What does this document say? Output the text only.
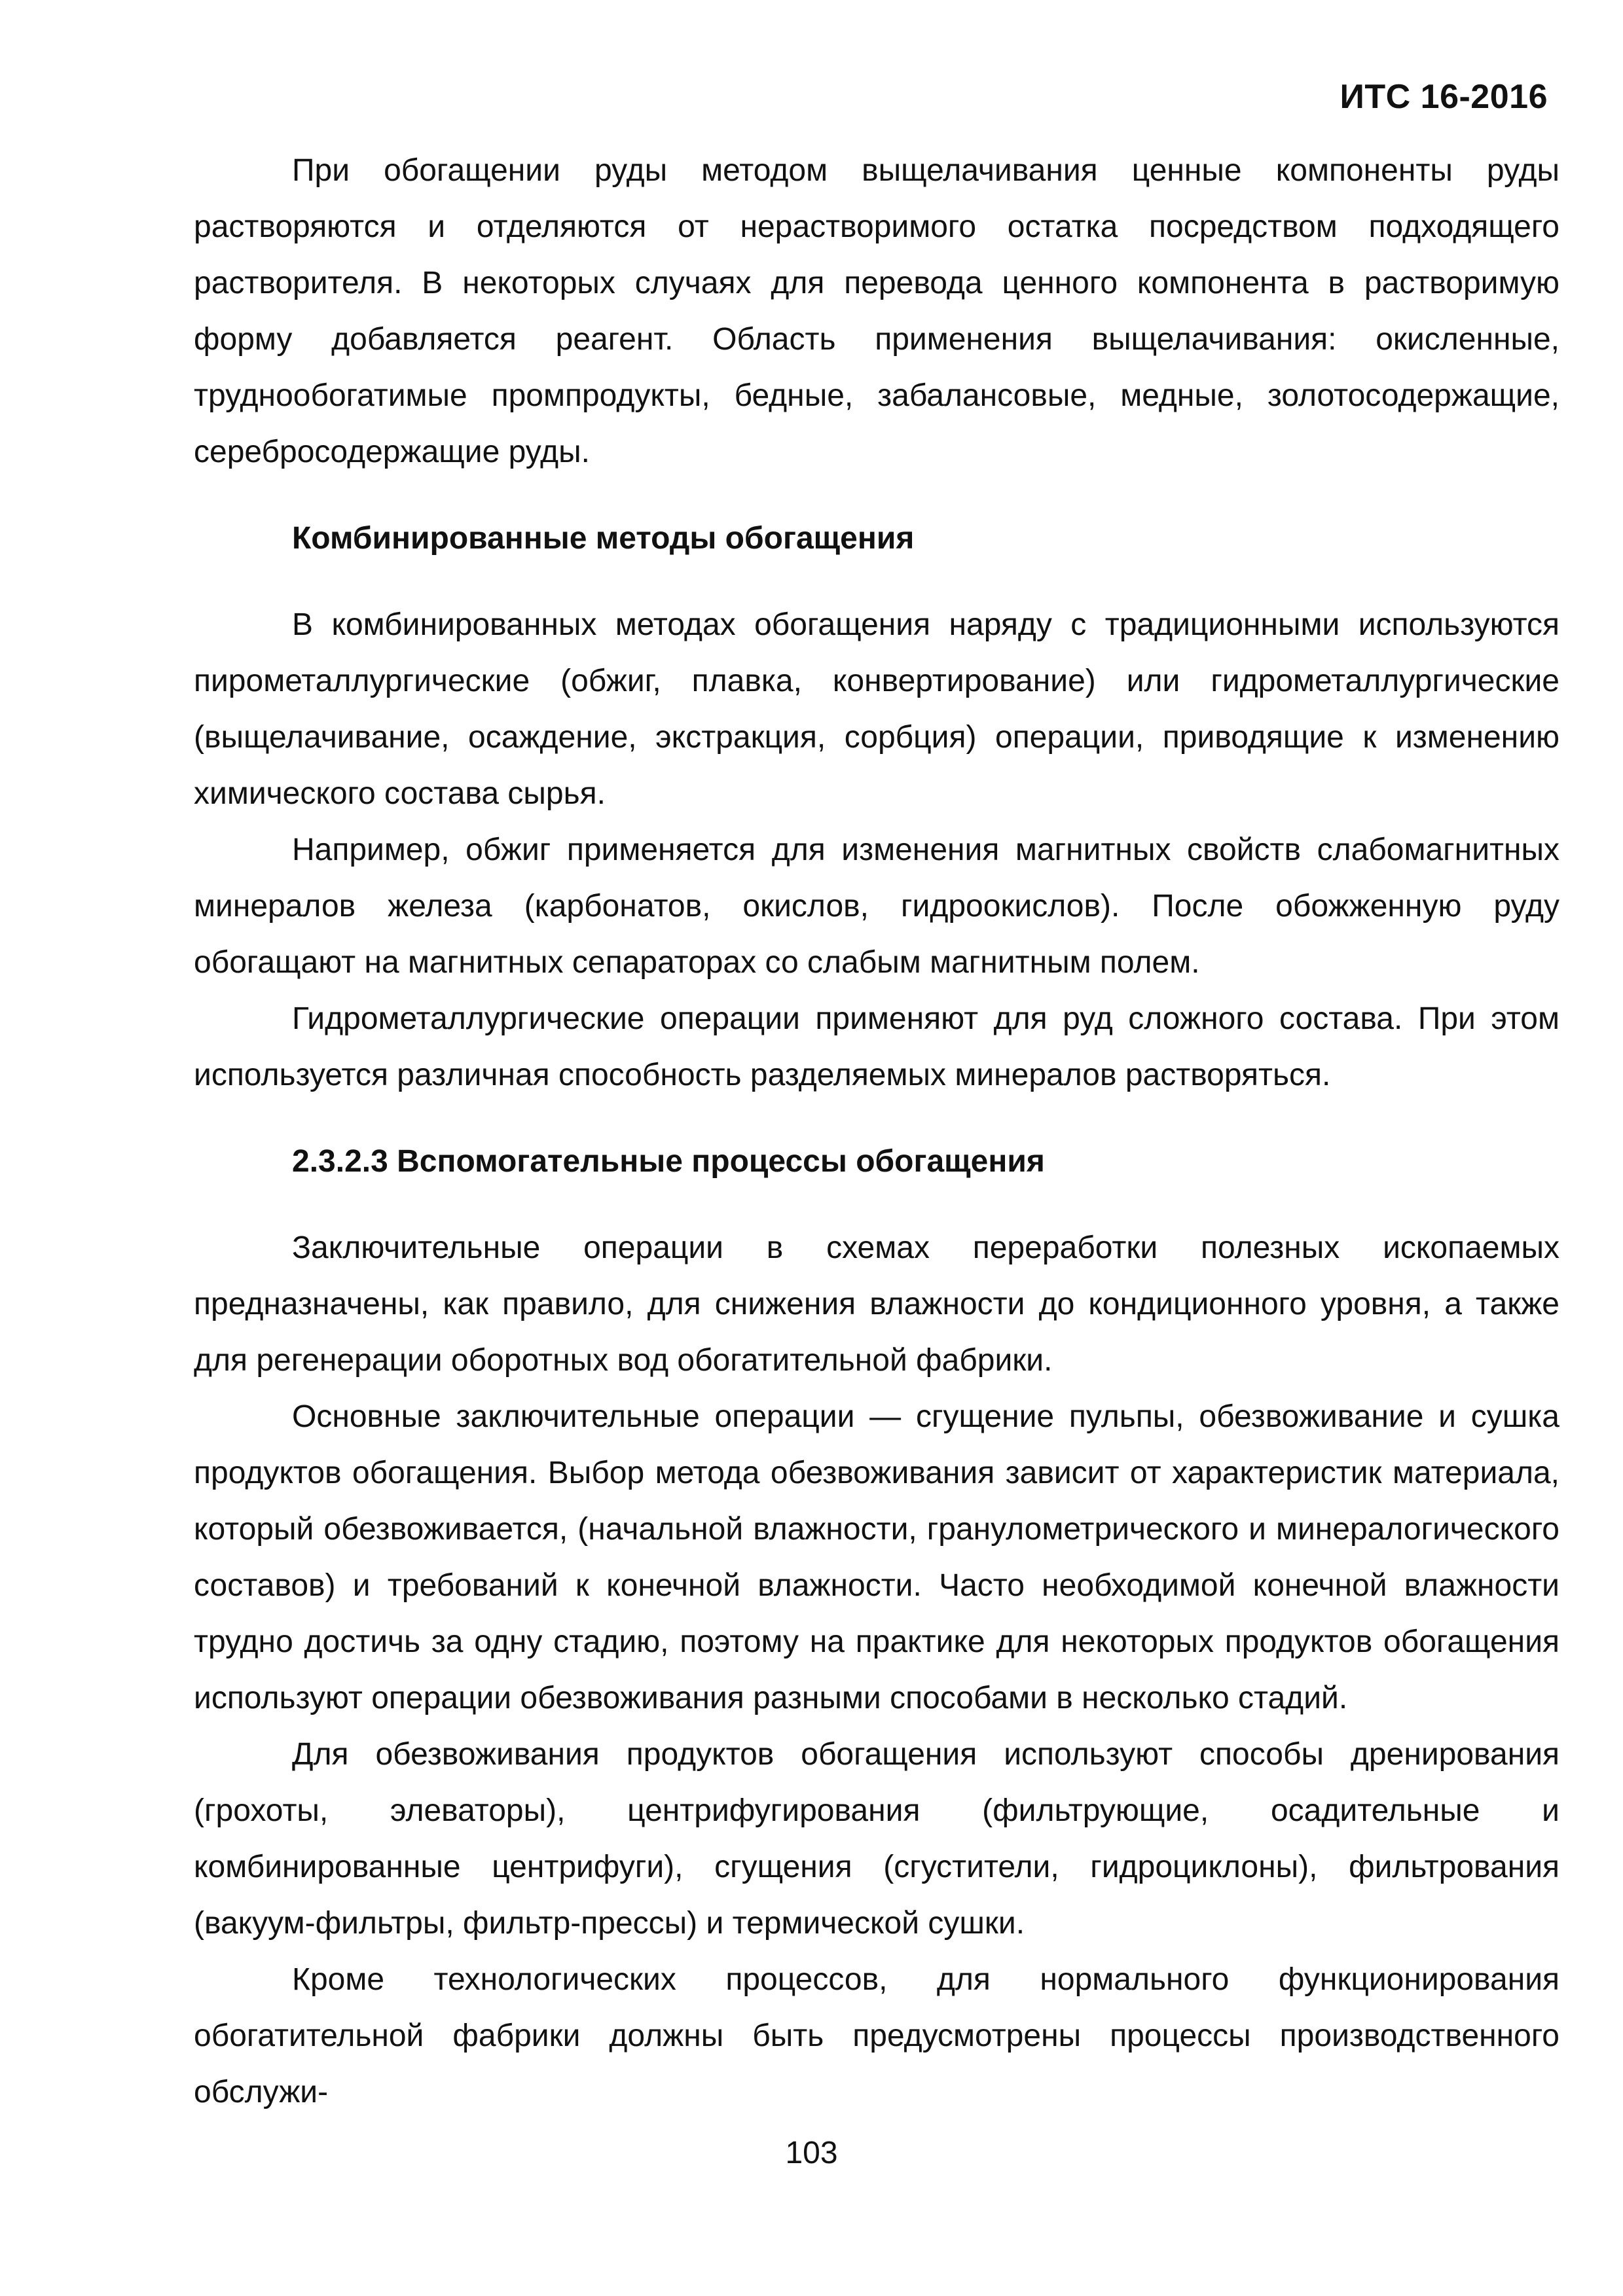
ИТС 16-2016

При обогащении руды методом выщелачивания ценные компоненты руды растворяются и отделяются от нерастворимого остатка посредством подходящего растворителя. В некоторых случаях для перевода ценного компонента в растворимую форму добавляется реагент. Область применения выщелачивания: окисленные, труднообогатимые промпродукты, бедные, забалансовые, медные, золотосодержащие, сереброcодержащие руды.

Комбинированные методы обогащения

В комбинированных методах обогащения наряду с традиционными используются пирометаллургические (обжиг, плавка, конвертирование) или гидрометаллургические (выщелачивание, осаждение, экстракция, сорбция) операции, приводящие к изменению химического состава сырья.

Например, обжиг применяется для изменения магнитных свойств слабомагнитных минералов железа (карбонатов, окислов, гидроокислов). После обожженную руду обогащают на магнитных сепараторах со слабым магнитным полем.

Гидрометаллургические операции применяют для руд сложного состава. При этом используется различная способность разделяемых минералов растворяться.

2.3.2.3 Вспомогательные процессы обогащения

Заключительные операции в схемах переработки полезных ископаемых предназначены, как правило, для снижения влажности до кондиционного уровня, а также для регенерации оборотных вод обогатительной фабрики.

Основные заключительные операции — сгущение пульпы, обезвоживание и сушка продуктов обогащения. Выбор метода обезвоживания зависит от характеристик материала, который обезвоживается, (начальной влажности, гранулометрического и минералогического составов) и требований к конечной влажности. Часто необходимой конечной влажности трудно достичь за одну стадию, поэтому на практике для некоторых продуктов обогащения используют операции обезвоживания разными способами в несколько стадий.

Для обезвоживания продуктов обогащения используют способы дренирования (грохоты, элеваторы), центрифугирования (фильтрующие, осадительные и комбинированные центрифуги), сгущения (сгустители, гидроциклоны), фильтрования (вакуум-фильтры, фильтр-прессы) и термической сушки.

Кроме технологических процессов, для нормального функционирования обогатительной фабрики должны быть предусмотрены процессы производственного обслужи-

103
